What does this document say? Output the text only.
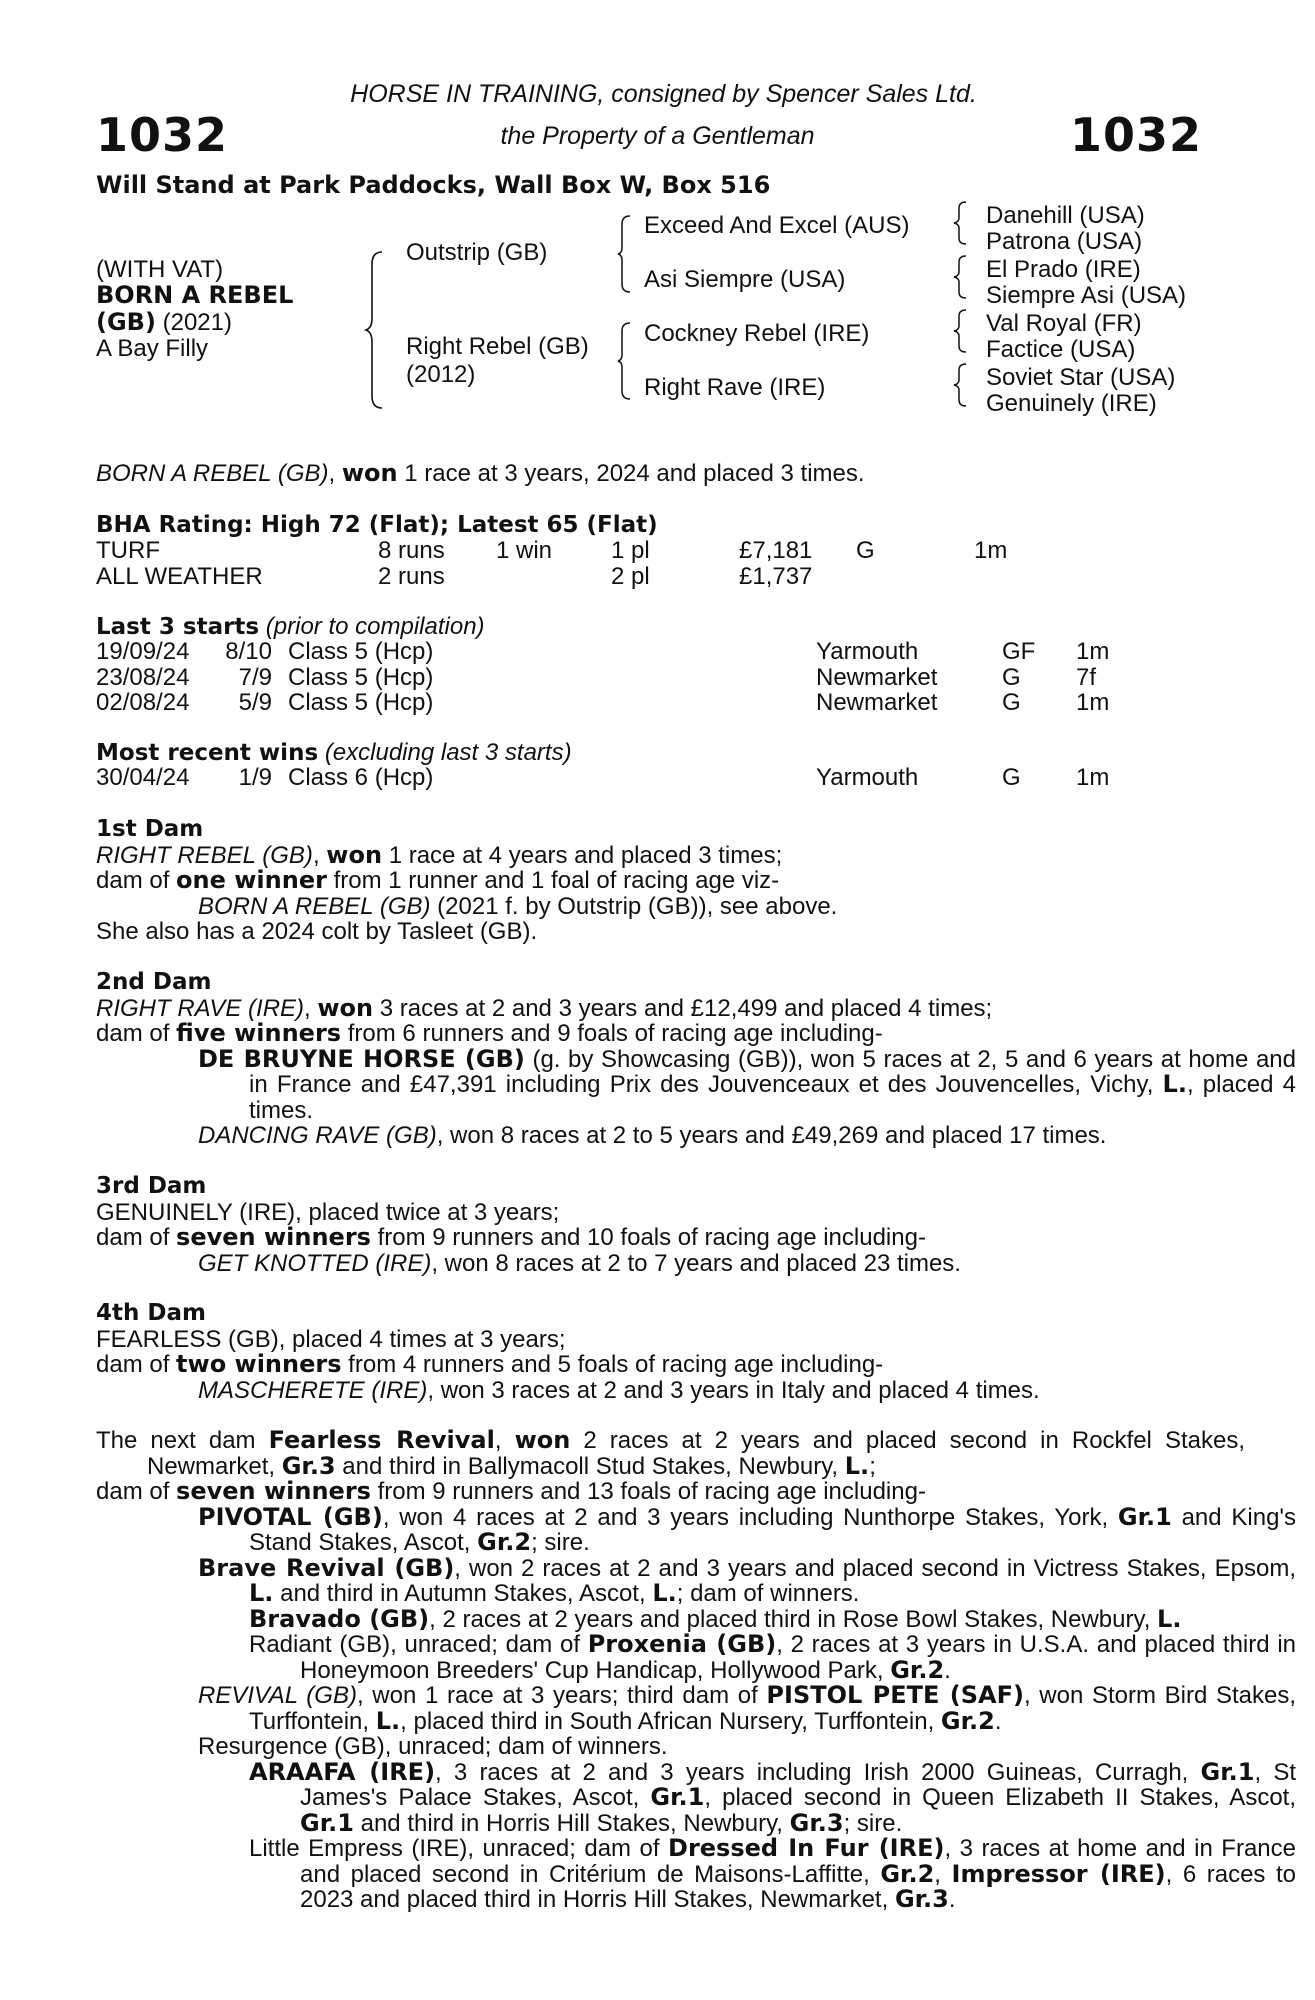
1032	1032
HORSE IN TRAINING, consigned by Spencer Sales Ltd.
the Property of a Gentleman
Will Stand at Park Paddocks, Wall Box W, Box 516
(WITH VAT)
BORN A REBEL
(GB) (2021)
A Bay Filly
Outstrip (GB)
Right Rebel (GB)
(2012)
Exceed And Excel (AUS)
Asi Siempre (USA)
Cockney Rebel (IRE)
Right Rave (IRE)
Danehill (USA)
Patrona (USA)
El Prado (IRE)
Siempre Asi (USA)
Val Royal (FR)
Factice (USA)
Soviet Star (USA)
Genuinely (IRE)
BORN A REBEL (GB), won 1 race at 3 years, 2024 and placed 3 times.
BHA Rating: High 72 (Flat); Latest 65 (Flat)
TURF	8 runs 1 win 1 pl	£7,181 G	1m
ALL WEATHER	2 runs	2 pl	£1,737
Last 3 starts (prior to compilation)
19/09/24 8/10 Class 5 (Hcp)	Yarmouth	GF 1m
23/08/24	7/9 Class 5 (Hcp)	Newmarket	G 7f
02/08/24	5/9 Class 5 (Hcp)	Newmarket	G 1m
Most recent wins (excluding last 3 starts)
30/04/24	1/9 Class 6 (Hcp)	Yarmouth	G 1m

1st Dam

RIGHT REBEL (GB), won 1 race at 4 years and placed 3 times;

dam of one winner from 1 runner and 1 foal of racing age viz-

BORN A REBEL (GB) (2021 f. by Outstrip (GB)), see above.

She also has a 2024 colt by Tasleet (GB).

2nd Dam

RIGHT RAVE (IRE), won 3 races at 2 and 3 years and £12,499 and placed 4 times;

dam of five winners from 6 runners and 9 foals of racing age including-

DE BRUYNE HORSE (GB) (g. by Showcasing (GB)), won 5 races at 2, 5 and 6 years at home and in France and £47,391 including Prix des Jouvenceaux et des Jouvencelles, Vichy, L., placed 4 times.

DANCING RAVE (GB), won 8 races at 2 to 5 years and £49,269 and placed 17 times.

3rd Dam

GENUINELY (IRE), placed twice at 3 years;

dam of seven winners from 9 runners and 10 foals of racing age including-

GET KNOTTED (IRE), won 8 races at 2 to 7 years and placed 23 times.

4th Dam

FEARLESS (GB), placed 4 times at 3 years;

dam of two winners from 4 runners and 5 foals of racing age including-

MASCHERETE (IRE), won 3 races at 2 and 3 years in Italy and placed 4 times.

The next dam Fearless Revival, won 2 races at 2 years and placed second in Rockfel Stakes, Newmarket, Gr.3 and third in Ballymacoll Stud Stakes, Newbury, L.;

dam of seven winners from 9 runners and 13 foals of racing age including-

PIVOTAL (GB), won 4 races at 2 and 3 years including Nunthorpe Stakes, York, Gr.1 and King's Stand Stakes, Ascot, Gr.2; sire.

Brave Revival (GB), won 2 races at 2 and 3 years and placed second in Victress Stakes, Epsom, L. and third in Autumn Stakes, Ascot, L.; dam of winners.

Bravado (GB), 2 races at 2 years and placed third in Rose Bowl Stakes, Newbury, L.

Radiant (GB), unraced; dam of Proxenia (GB), 2 races at 3 years in U.S.A. and placed third in Honeymoon Breeders' Cup Handicap, Hollywood Park, Gr.2.

REVIVAL (GB), won 1 race at 3 years; third dam of PISTOL PETE (SAF), won Storm Bird Stakes, Turffontein, L., placed third in South African Nursery, Turffontein, Gr.2.

Resurgence (GB), unraced; dam of winners.

ARAAFA (IRE), 3 races at 2 and 3 years including Irish 2000 Guineas, Curragh, Gr.1, St James's Palace Stakes, Ascot, Gr.1, placed second in Queen Elizabeth II Stakes, Ascot, Gr.1 and third in Horris Hill Stakes, Newbury, Gr.3; sire.

Little Empress (IRE), unraced; dam of Dressed In Fur (IRE), 3 races at home and in France and placed second in Critérium de Maisons-Laffitte, Gr.2, Impressor (IRE), 6 races to 2023 and placed third in Horris Hill Stakes, Newmarket, Gr.3.
